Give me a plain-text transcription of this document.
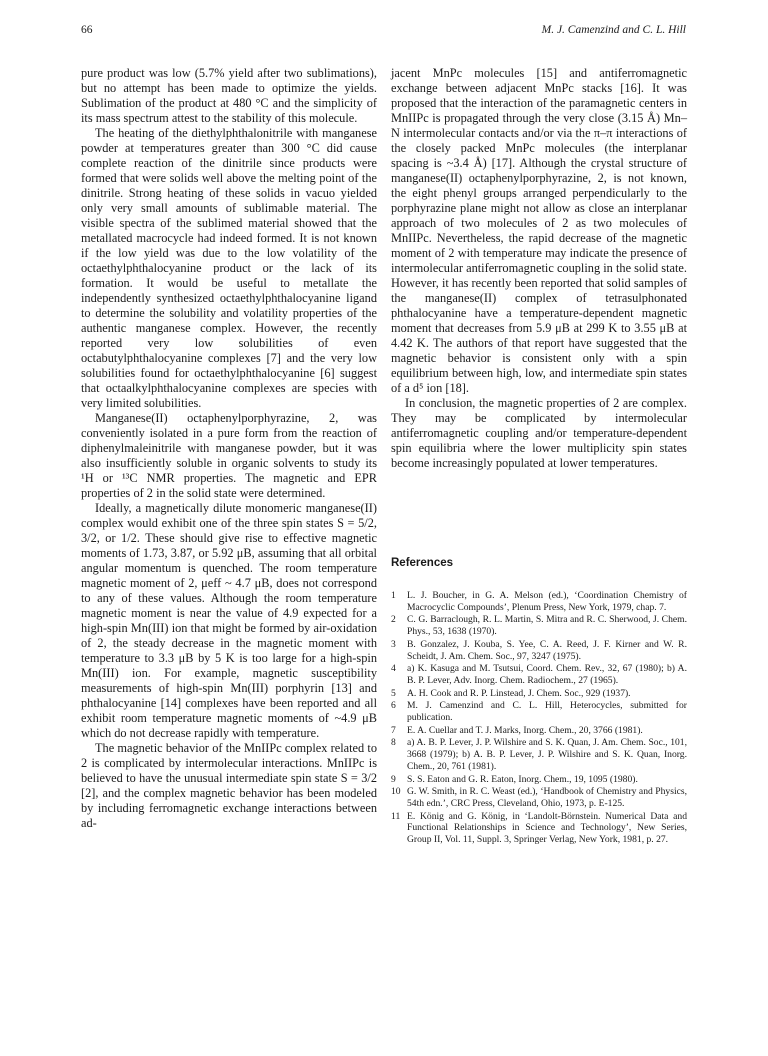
66	M. J. Camenzind and C. L. Hill

pure product was low (5.7% yield after two sublimations), but no attempt has been made to optimize the yields. Sublimation of the product at 480 °C and the simplicity of its mass spectrum attest to the stability of this molecule.

The heating of the diethylphthalonitrile with manganese powder at temperatures greater than 300 °C did cause complete reaction of the dinitrile since products were formed that were solids well above the melting point of the dinitrile. Strong heating of these solids in vacuo yielded only very small amounts of sublimable material. The visible spectra of the sublimed material showed that the metallated macrocycle had indeed formed. It is not known if the low yield was due to the low volatility of the octaethylphthalocyanine product or the lack of its formation. It would be useful to metallate the independently synthesized octaethylphthalocyanine ligand to determine the solubility and volatility properties of the authentic manganese complex. However, the recently reported very low solubilities of even octabutylphthalocyanine complexes [7] and the very low solubilities found for octaethylphthalocyanine [6] suggest that octaalkylphthalocyanine complexes are species with very limited solubilities.

Manganese(II) octaphenylporphyrazine, 2, was conveniently isolated in a pure form from the reaction of diphenylmaleinitrile with manganese powder, but it was also insufficiently soluble in organic solvents to study its ¹H or ¹³C NMR properties. The magnetic and EPR properties of 2 in the solid state were determined.

Ideally, a magnetically dilute monomeric manganese(II) complex would exhibit one of the three spin states S = 5/2, 3/2, or 1/2. These should give rise to effective magnetic moments of 1.73, 3.87, or 5.92 μB, assuming that all orbital angular momentum is quenched. The room temperature magnetic moment of 2, μeff ~ 4.7 μB, does not correspond to any of these values. Although the room temperature magnetic moment is near the value of 4.9 expected for a high-spin Mn(III) ion that might be formed by air-oxidation of 2, the steady decrease in the magnetic moment with temperature to 3.3 μB by 5 K is too large for a high-spin Mn(III) ion. For example, magnetic susceptibility measurements of high-spin Mn(III) porphyrin [13] and phthalocyanine [14] complexes have been reported and all exhibit room temperature magnetic moments of ~4.9 μB which do not decrease rapidly with temperature.

The magnetic behavior of the MnIIPc complex related to 2 is complicated by intermolecular interactions. MnIIPc is believed to have the unusual intermediate spin state S = 3/2 [2], and the complex magnetic behavior has been modeled by including ferromagnetic exchange interactions between ad-

jacent MnPc molecules [15] and antiferromagnetic exchange between adjacent MnPc stacks [16]. It was proposed that the interaction of the paramagnetic centers in MnIIPc is propagated through the very close (3.15 Å) Mn–N intermolecular contacts and/or via the π–π interactions of the closely packed MnPc molecules (the interplanar spacing is ~3.4 Å) [17]. Although the crystal structure of manganese(II) octaphenylporphyrazine, 2, is not known, the eight phenyl groups arranged perpendicularly to the porphyrazine plane might not allow as close an interplanar approach of two molecules of 2 as two molecules of MnIIPc. Nevertheless, the rapid decrease of the magnetic moment of 2 with temperature may indicate the presence of intermolecular antiferromagnetic coupling in the solid state. However, it has recently been reported that solid samples of the manganese(II) complex of tetrasulphonated phthalocyanine have a temperature-dependent magnetic moment that decreases from 5.9 μB at 299 K to 3.55 μB at 4.42 K. The authors of that report have suggested that the magnetic behavior is consistent only with a spin equilibrium between high, low, and intermediate spin states of a d⁵ ion [18].

In conclusion, the magnetic properties of 2 are complex. They may be complicated by intermolecular antiferromagnetic coupling and/or temperature-dependent spin equilibria where the lower multiplicity spin states become increasingly populated at lower temperatures.

References
1	L. J. Boucher, in G. A. Melson (ed.), ‘Coordination Chemistry of Macrocyclic Compounds’, Plenum Press, New York, 1979, chap. 7.
2	C. G. Barraclough, R. L. Martin, S. Mitra and R. C. Sherwood, J. Chem. Phys., 53, 1638 (1970).
3	B. Gonzalez, J. Kouba, S. Yee, C. A. Reed, J. F. Kirner and W. R. Scheidt, J. Am. Chem. Soc., 97, 3247 (1975).
4	a) K. Kasuga and M. Tsutsui, Coord. Chem. Rev., 32, 67 (1980); b) A. B. P. Lever, Adv. Inorg. Chem. Radiochem., 27 (1965).
5	A. H. Cook and R. P. Linstead, J. Chem. Soc., 929 (1937).
6	M. J. Camenzind and C. L. Hill, Heterocycles, submitted for publication.
7	E. A. Cuellar and T. J. Marks, Inorg. Chem., 20, 3766 (1981).
8	a) A. B. P. Lever, J. P. Wilshire and S. K. Quan, J. Am. Chem. Soc., 101, 3668 (1979); b) A. B. P. Lever, J. P. Wilshire and S. K. Quan, Inorg. Chem., 20, 761 (1981).
9	S. S. Eaton and G. R. Eaton, Inorg. Chem., 19, 1095 (1980).
10 G. W. Smith, in R. C. Weast (ed.), ‘Handbook of Chemistry and Physics, 54th edn.’, CRC Press, Cleveland, Ohio, 1973, p. E-125.
11 E. König and G. König, in ‘Landolt-Börnstein. Numerical Data and Functional Relationships in Science and Technology’, New Series, Group II, Vol. 11, Suppl. 3, Springer Verlag, New York, 1981, p. 27.
